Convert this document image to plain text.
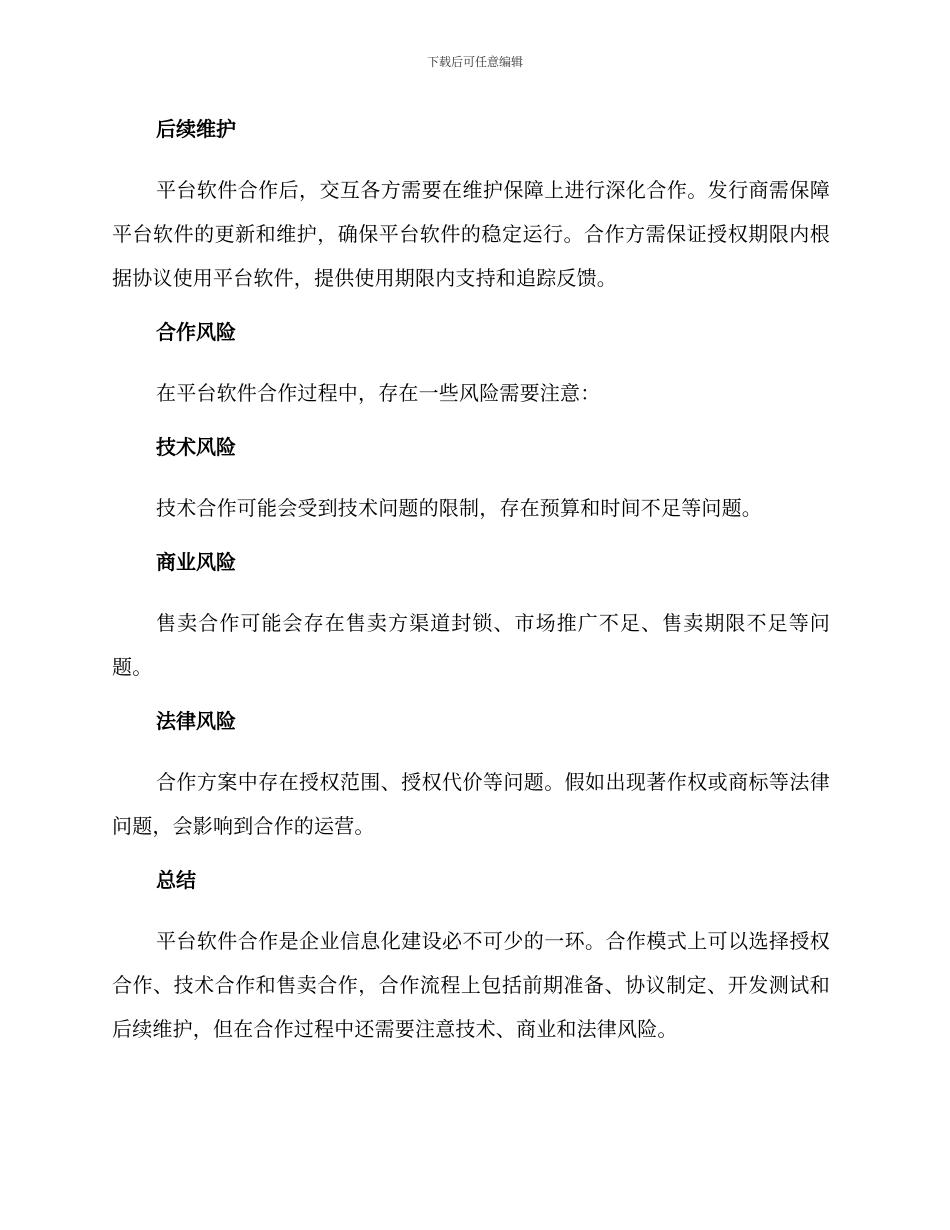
下载后可任意编辑
后续维护
平台软件合作后，交互各方需要在维护保障上进行深化合作。发行商需保障平台软件的更新和维护，确保平台软件的稳定运行。合作方需保证授权期限内根据协议使用平台软件，提供使用期限内支持和追踪反馈。
合作风险
在平台软件合作过程中，存在一些风险需要注意：
技术风险
技术合作可能会受到技术问题的限制，存在预算和时间不足等问题。
商业风险
售卖合作可能会存在售卖方渠道封锁、市场推广不足、售卖期限不足等问题。
法律风险
合作方案中存在授权范围、授权代价等问题。假如出现著作权或商标等法律问题，会影响到合作的运营。
总结
平台软件合作是企业信息化建设必不可少的一环。合作模式上可以选择授权合作、技术合作和售卖合作，合作流程上包括前期准备、协议制定、开发测试和后续维护，但在合作过程中还需要注意技术、商业和法律风险。
